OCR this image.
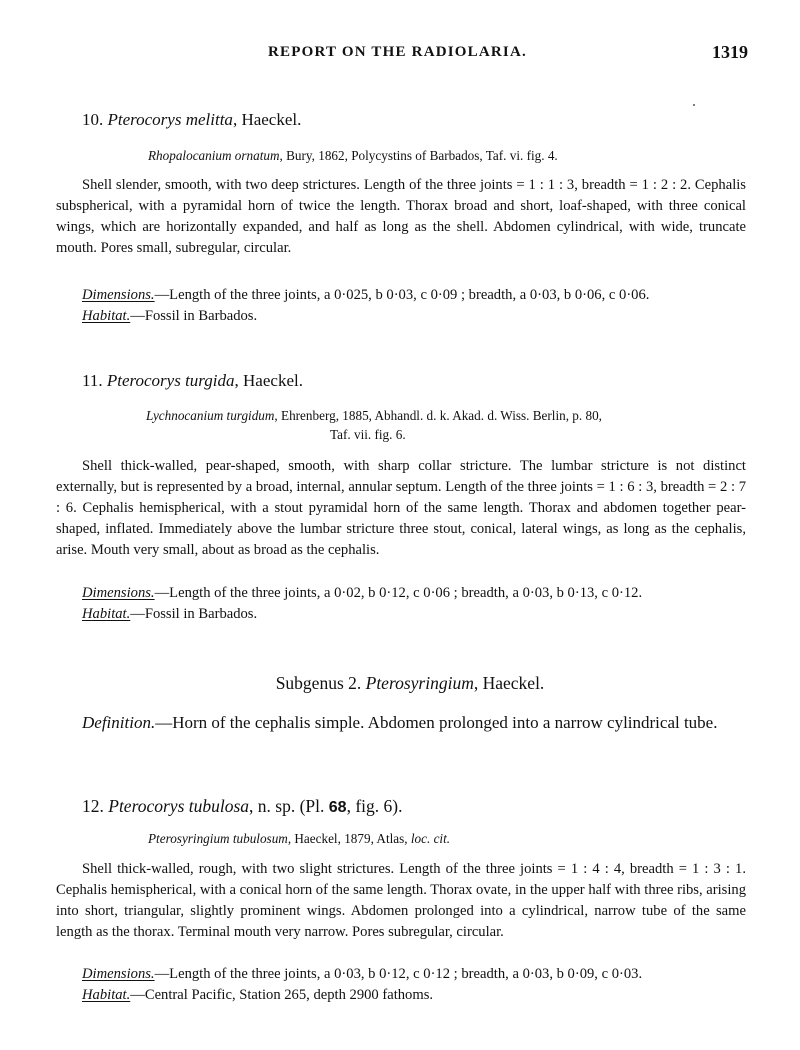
REPORT ON THE RADIOLARIA.	1319

10. Pterocorys melitta, Haeckel.

Rhopalocanium ornatum, Bury, 1862, Polycystins of Barbados, Taf. vi. fig. 4.

Shell slender, smooth, with two deep strictures. Length of the three joints = 1 : 1 : 3, breadth = 1 : 2 : 2. Cephalis subspherical, with a pyramidal horn of twice the length. Thorax broad and short, loaf-shaped, with three conical wings, which are horizontally expanded, and half as long as the shell. Abdomen cylindrical, with wide, truncate mouth. Pores small, subregular, circular.

Dimensions.—Length of the three joints, a 0·025, b 0·03, c 0·09 ; breadth, a 0·03, b 0·06, c 0·06.

Habitat.—Fossil in Barbados.

11. Pterocorys turgida, Haeckel.

Lychnocanium turgidum, Ehrenberg, 1885, Abhandl. d. k. Akad. d. Wiss. Berlin, p. 80,

Taf. vii. fig. 6.

Shell thick-walled, pear-shaped, smooth, with sharp collar stricture. The lumbar stricture is not distinct externally, but is represented by a broad, internal, annular septum. Length of the three joints = 1 : 6 : 3, breadth = 2 : 7 : 6. Cephalis hemispherical, with a stout pyramidal horn of the same length. Thorax and abdomen together pear-shaped, inflated. Immediately above the lumbar stricture three stout, conical, lateral wings, as long as the cephalis, arise. Mouth very small, about as broad as the cephalis.

Dimensions.—Length of the three joints, a 0·02, b 0·12, c 0·06 ; breadth, a 0·03, b 0·13, c 0·12.

Habitat.—Fossil in Barbados.

Subgenus 2. Pterosyringium, Haeckel.

Definition.—Horn of the cephalis simple. Abdomen prolonged into a narrow cylindrical tube.

12. Pterocorys tubulosa, n. sp. (Pl. 68, fig. 6).

Pterosyringium tubulosum, Haeckel, 1879, Atlas, loc. cit.

Shell thick-walled, rough, with two slight strictures. Length of the three joints = 1 : 4 : 4, breadth = 1 : 3 : 1. Cephalis hemispherical, with a conical horn of the same length. Thorax ovate, in the upper half with three ribs, arising into short, triangular, slightly prominent wings. Abdomen prolonged into a cylindrical, narrow tube of the same length as the thorax. Terminal mouth very narrow. Pores subregular, circular.

Dimensions.—Length of the three joints, a 0·03, b 0·12, c 0·12 ; breadth, a 0·03, b 0·09, c 0·03.

Habitat.—Central Pacific, Station 265, depth 2900 fathoms.
